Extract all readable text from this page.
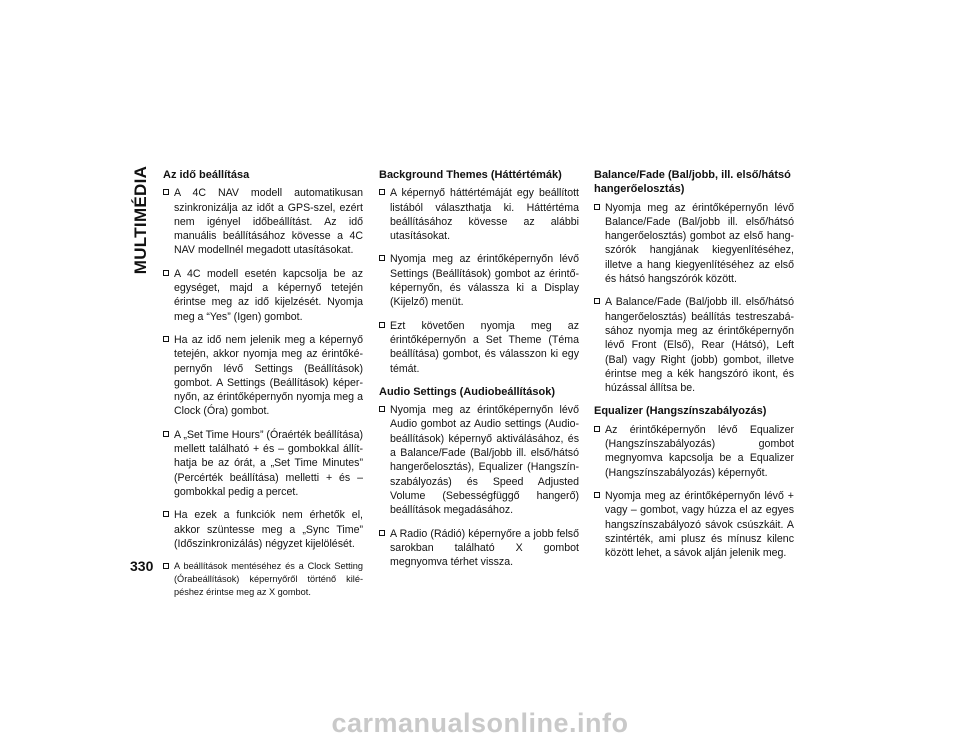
MULTIMÉDIA Az idő beállítása
A 4C NAV modell automatikusan szinkronizálja az időt a GPS-szel, ezért nem igényel időbeállítást. Az idő manuális beállításához kövesse a 4C NAV modellnél megadott utasításokat.
A 4C modell esetén kapcsolja be az egységet, majd a képernyő tetején érintse meg az idő kijelzését. Nyomja meg a “Yes” (Igen) gombot.
Ha az idő nem jelenik meg a képernyő tetején, akkor nyomja meg az érintőképernyőn lévő Settings (Beállítások) gombot. A Settings (Beállítások) képernyőn, az érintőképernyőn nyomja meg a Clock (Óra) gombot.
A „Set Time Hours” (Óraérték beállítása) mellett található + és – gombokkal állíthatja be az órát, a „Set Time Minutes” (Percérték beállítása) melletti + és – gombokkal pedig a percet.
Ha ezek a funkciók nem érhetők el, akkor szüntesse meg a „Sync Time” (Időszinkronizálás) négyzet kijelölését.
A beállítások mentéséhez és a Clock Setting (Órabeállítások) képernyőről történő kilépéshez érintse meg az X gombot.
Background Themes (Háttértémák)
A képernyő háttértémáját egy beállított listából választhatja ki. Háttértéma beállításához kövesse az alábbi utasításokat.
Nyomja meg az érintőképernyőn lévő Settings (Beállítások) gombot az érintőképernyőn, és válassza ki a Display (Kijelző) menüt.
Ezt követően nyomja meg az érintőképernyőn a Set Theme (Téma beállítása) gombot, és válasszon ki egy témát.
Audio Settings (Audiobeállítások)
Nyomja meg az érintőképernyőn lévő Audio gombot az Audio settings (Audiobeállítások) képernyő aktiválásához, és a Balance/Fade (Bal/jobb ill. első/hátsó hangerőelosztás), Equalizer (Hangszínszabályozás) és Speed Adjusted Volume (Sebességfüggő hangerő) beállítások megadásához.
A Radio (Rádió) képernyőre a jobb felső sarokban található X gombot megnyomva térhet vissza.
Balance/Fade (Bal/jobb, ill. első/hátsó hangerőelosztás)
Nyomja meg az érintőképernyőn lévő Balance/Fade (Bal/jobb ill. első/hátsó hangerőelosztás) gombot az első hangszórók hangjának kiegyenlítéséhez, illetve a hang kiegyenlítéséhez az első és hátsó hangszórók között.
A Balance/Fade (Bal/jobb ill. első/hátsó hangerőelosztás) beállítás testreszabásához nyomja meg az érintőképernyőn lévő Front (Első), Rear (Hátsó), Left (Bal) vagy Right (jobb) gombot, illetve érintse meg a kék hangszóró ikont, és húzással állítsa be.
Equalizer (Hangszínszabályozás)
Az érintőképernyőn lévő Equalizer (Hangszínszabályozás) gombot megnyomva kapcsolja be a Equalizer (Hangszínszabályozás) képernyőt.
Nyomja meg az érintőképernyőn lévő + vagy – gombot, vagy húzza el az egyes hangszínszabályozó sávok csúszkáit. A szintérték, ami plusz és mínusz kilenc között lehet, a sávok alján jelenik meg.
330
carmanualsonline.info
